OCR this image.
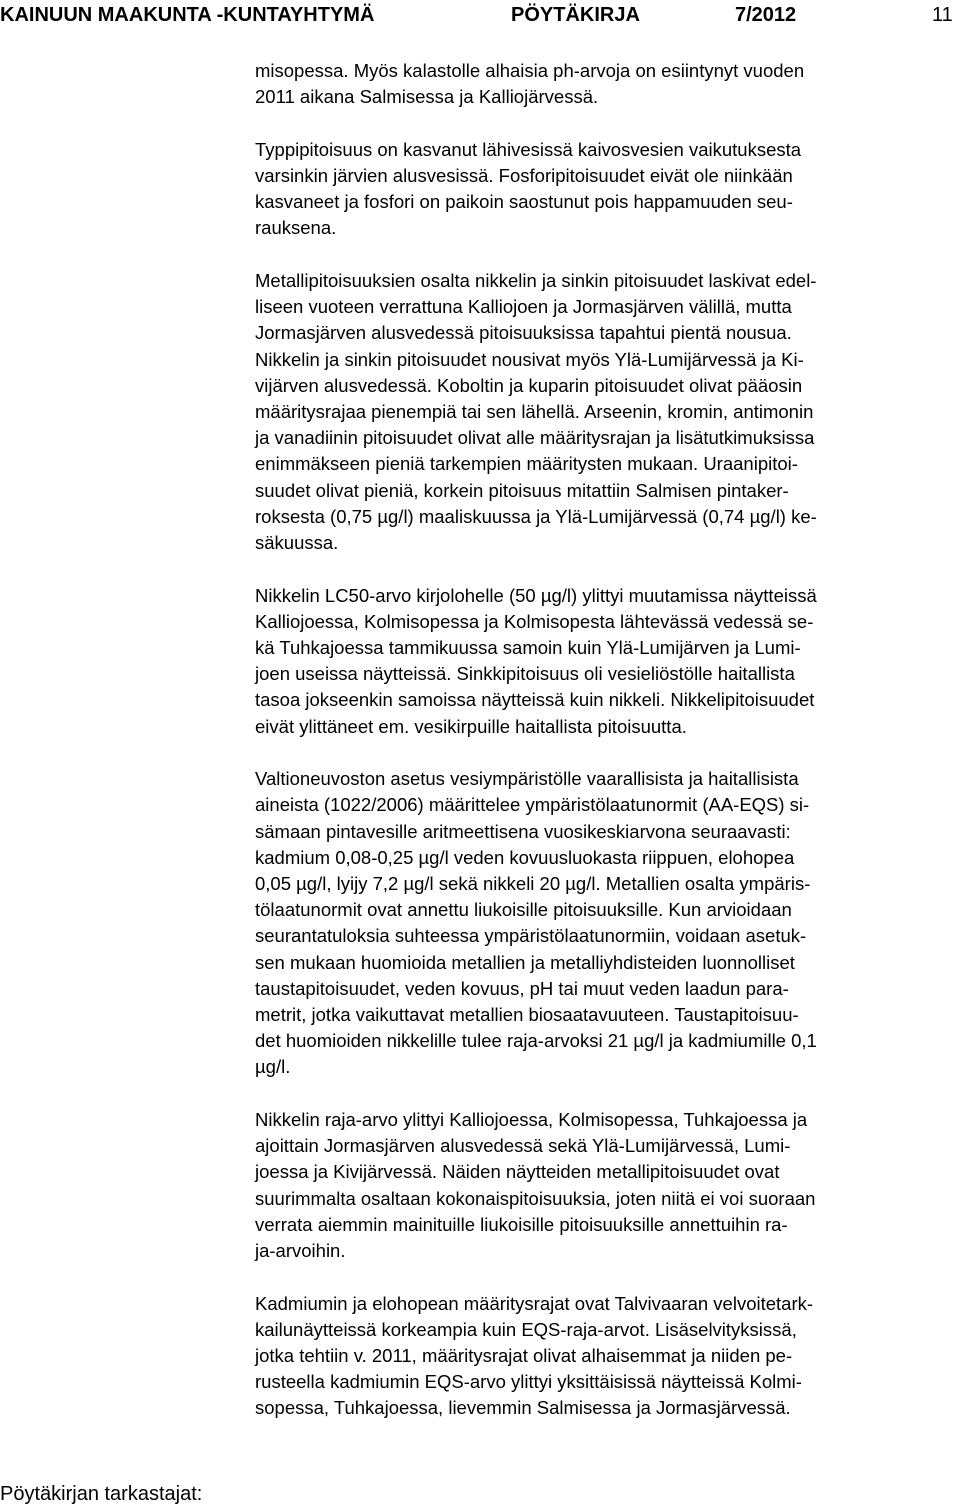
KAINUUN MAAKUNTA -KUNTAYHTYMÄ	PÖYTÄKIRJA	7/2012	11
misopessa. Myös kalastolle alhaisia ph-arvoja on esiintynyt vuoden
2011 aikana Salmisessa ja Kalliojärvessä.
Typpipitoisuus on kasvanut lähivesissä kaivosvesien vaikutuksesta
varsinkin järvien alusvesissä. Fosforipitoisuudet eivät ole niinkään
kasvaneet ja fosfori on paikoin saostunut pois happamuuden seu-
rauksena.
Metallipitoisuuksien osalta nikkelin ja sinkin pitoisuudet laskivat edel-
liseen vuoteen verrattuna Kalliojoen ja Jormasjärven välillä, mutta
Jormasjärven alusvedessä pitoisuuksissa tapahtui pientä nousua.
Nikkelin ja sinkin pitoisuudet nousivat myös Ylä-Lumijärvessä ja Ki-
vijärven alusvedessä. Koboltin ja kuparin pitoisuudet olivat pääosin
määritysrajaa pienempiä tai sen lähellä. Arseenin, kromin, antimonin
ja vanadiinin pitoisuudet olivat alle määritysrajan ja lisätutkimuksissa
enimmäkseen pieniä tarkempien määritysten mukaan. Uraanipitoi-
suudet olivat pieniä, korkein pitoisuus mitattiin Salmisen pintaker-
roksesta (0,75 µg/l) maaliskuussa ja Ylä-Lumijärvessä (0,74 µg/l) ke-
säkuussa.
Nikkelin LC50-arvo kirjolohelle (50 µg/l) ylittyi muutamissa näytteissä
Kalliojoessa, Kolmisopessa ja Kolmisopesta lähtevässä vedessä se-
kä Tuhkajoessa tammikuussa samoin kuin Ylä-Lumijärven ja Lumi-
joen useissa näytteissä. Sinkkipitoisuus oli vesieliöstölle haitallista
tasoa jokseenkin samoissa näytteissä kuin nikkeli. Nikkelipitoisuudet
eivät ylittäneet em. vesikirpuille haitallista pitoisuutta.
Valtioneuvoston asetus vesiympäristölle vaarallisista ja haitallisista
aineista (1022/2006) määrittelee ympäristölaatunormit (AA-EQS) si-
sämaan pintavesille aritmeettisena vuosikeskiarvona seuraavasti:
kadmium 0,08-0,25 µg/l veden kovuusluokasta riippuen, elohopea
0,05 µg/l, lyijy 7,2 µg/l sekä nikkeli 20 µg/l. Metallien osalta ympäris-
tölaatunormit ovat annettu liukoisille pitoisuuksille. Kun arvioidaan
seurantatuloksia suhteessa ympäristölaatunormiin, voidaan asetuk-
sen mukaan huomioida metallien ja metalliyhdisteiden luonnolliset
taustapitoisuudet, veden kovuus, pH tai muut veden laadun para-
metrit, jotka vaikuttavat metallien biosaatavuuteen. Taustapitoisuu-
det huomioiden nikkelille tulee raja-arvoksi 21 µg/l ja kadmiumille 0,1
µg/l.
Nikkelin raja-arvo ylittyi Kalliojoessa, Kolmisopessa, Tuhkajoessa ja
ajoittain Jormasjärven alusvedessä sekä Ylä-Lumijärvessä, Lumi-
joessa ja Kivijärvessä. Näiden näytteiden metallipitoisuudet ovat
suurimmalta osaltaan kokonaispitoisuuksia, joten niitä ei voi suoraan
verrata aiemmin mainituille liukoisille pitoisuuksille annettuihin ra-
ja-arvoihin.
Kadmiumin ja elohopean määritysrajat ovat Talvivaaran velvoitetark-
kailunäytteissä korkeampia kuin EQS-raja-arvot. Lisäselvityksissä,
jotka tehtiin v. 2011, määritysrajat olivat alhaisemmat ja niiden pe-
rusteella kadmiumin EQS-arvo ylittyi yksittäisissä näytteissä Kolmi-
sopessa, Tuhkajoessa, lievemmin Salmisessa ja Jormasjärvessä.
Pöytäkirjan tarkastajat:
